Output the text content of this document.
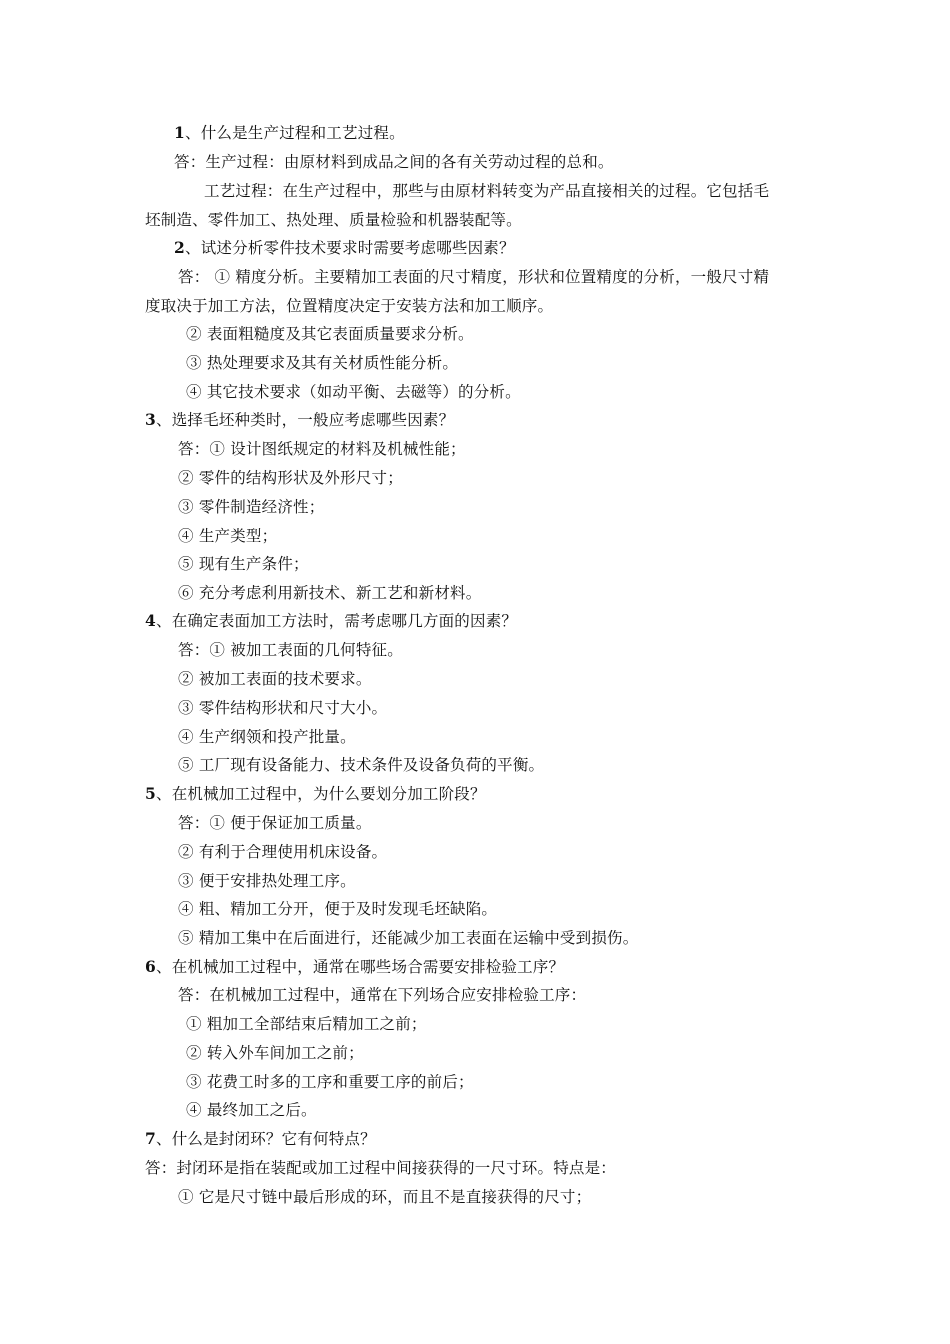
1、什么是生产过程和工艺过程。
答：生产过程：由原材料到成品之间的各有关劳动过程的总和。
工艺过程：在生产过程中，那些与由原材料转变为产品直接相关的过程。它包括毛
坯制造、零件加工、热处理、质量检验和机器装配等。
2、试述分析零件技术要求时需要考虑哪些因素？
答： ① 精度分析。主要精加工表面的尺寸精度，形状和位置精度的分析，一般尺寸精
度取决于加工方法，位置精度决定于安装方法和加工顺序。
② 表面粗糙度及其它表面质量要求分析。
③ 热处理要求及其有关材质性能分析。
④ 其它技术要求（如动平衡、去磁等）的分析。
3、选择毛坯种类时，一般应考虑哪些因素？
答：① 设计图纸规定的材料及机械性能；
② 零件的结构形状及外形尺寸；
③ 零件制造经济性；
④ 生产类型；
⑤ 现有生产条件；
⑥ 充分考虑利用新技术、新工艺和新材料。
4、在确定表面加工方法时，需考虑哪几方面的因素？
答：① 被加工表面的几何特征。
② 被加工表面的技术要求。
③ 零件结构形状和尺寸大小。
④ 生产纲领和投产批量。
⑤ 工厂现有设备能力、技术条件及设备负荷的平衡。
5、在机械加工过程中，为什么要划分加工阶段？
答：① 便于保证加工质量。
② 有利于合理使用机床设备。
③ 便于安排热处理工序。
④ 粗、精加工分开，便于及时发现毛坯缺陷。
⑤ 精加工集中在后面进行，还能减少加工表面在运输中受到损伤。
6、在机械加工过程中，通常在哪些场合需要安排检验工序？
答：在机械加工过程中，通常在下列场合应安排检验工序：
① 粗加工全部结束后精加工之前；
② 转入外车间加工之前；
③ 花费工时多的工序和重要工序的前后；
④ 最终加工之后。
7、什么是封闭环？它有何特点？
答：封闭环是指在装配或加工过程中间接获得的一尺寸环。特点是：
① 它是尺寸链中最后形成的环，而且不是直接获得的尺寸；
